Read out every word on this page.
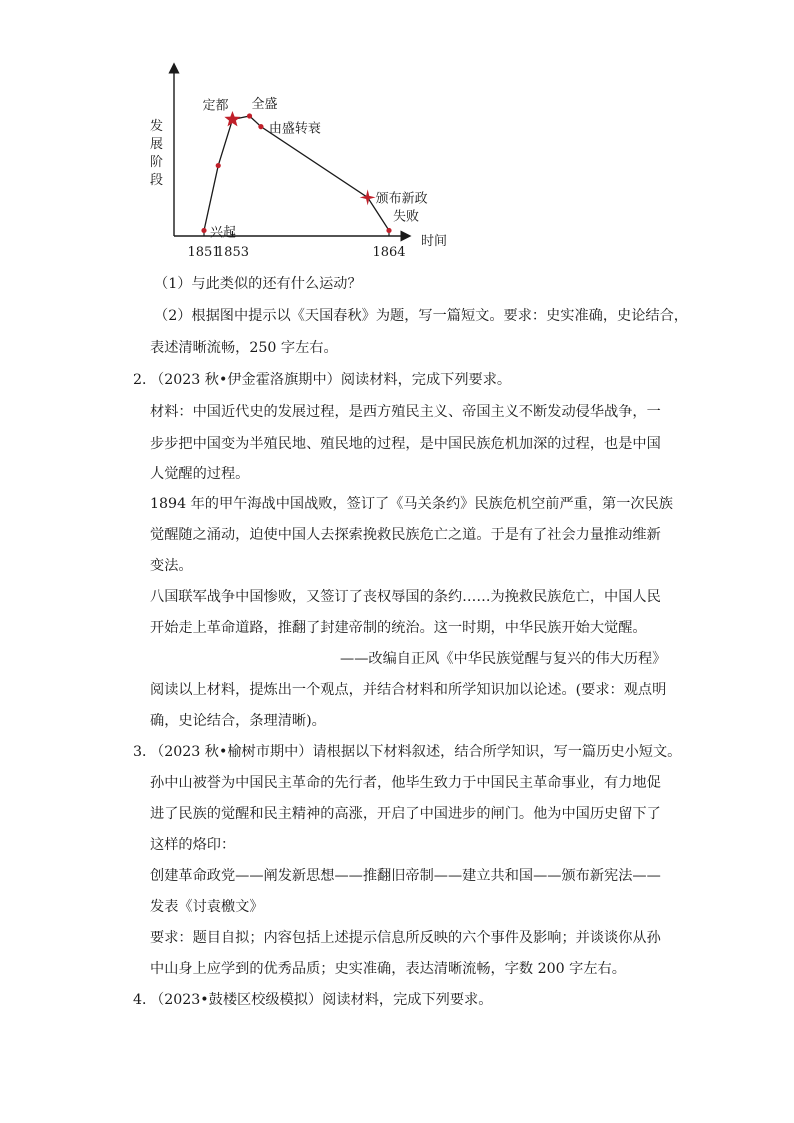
发
展
阶
段
时间
1851
1853	1864
兴起
定都 全盛
由盛转衰
颁布新政
失败
（1）与此类似的还有什么运动？
（2）根据图中提示以《天国春秋》为题，写一篇短文。要求：史实准确，史论结合，
表述清晰流畅，250 字左右。
2．
（2023 秋•伊金霍洛旗期中）阅读材料，完成下列要求。
材料：中国近代史的发展过程，是西方殖民主义、帝国主义不断发动侵华战争，一
步步把中国变为半殖民地、殖民地的过程，是中国民族危机加深的过程，也是中国
人觉醒的过程。
1894 年的甲午海战中国战败，签订了《马关条约》民族危机空前严重，第一次民族
觉醒随之涌动，迫使中国人去探索挽救民族危亡之道。于是有了社会力量推动维新
变法。
八国联军战争中国惨败，又签订了丧权辱国的条约……为挽救民族危亡，中国人民
开始走上革命道路，推翻了封建帝制的统治。这一时期，中华民族开始大觉醒。
——改编自正风《中华民族觉醒与复兴的伟大历程》
阅读以上材料，提炼出一个观点，并结合材料和所学知识加以论述。(要求：观点明
确，史论结合，条理清晰)。
3．
（2023 秋•榆树市期中）请根据以下材料叙述，结合所学知识，写一篇历史小短文。
孙中山被誉为中国民主革命的先行者，他毕生致力于中国民主革命事业，有力地促
进了民族的觉醒和民主精神的高涨，开启了中国进步的闸门。他为中国历史留下了
这样的烙印：
创建革命政党——阐发新思想——推翻旧帝制——建立共和国——颁布新宪法——
发表《讨袁檄文》
要求：题目自拟；内容包括上述提示信息所反映的六个事件及影响；并谈谈你从孙
中山身上应学到的优秀品质；史实准确，表达清晰流畅，字数 200 字左右。
4．
（2023•鼓楼区校级模拟）阅读材料，完成下列要求。
